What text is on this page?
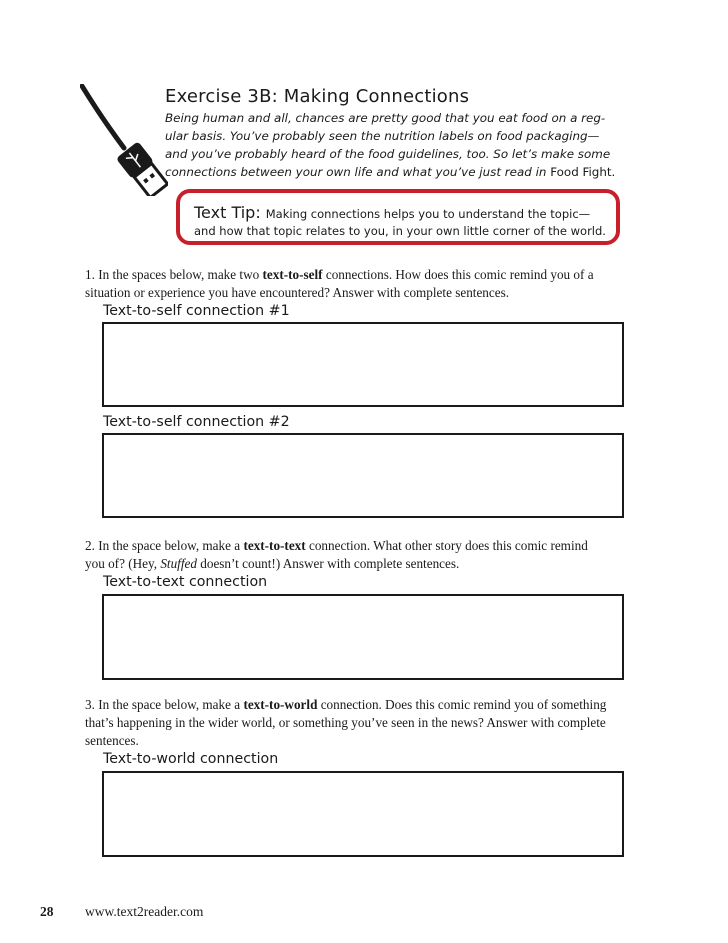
Exercise 3B: Making Connections

Being human and all, chances are pretty good that you eat food on a reg-

ular basis. You’ve probably seen the nutrition labels on food packaging—

and you’ve probably heard of the food guidelines, too. So let’s make some

connections between your own life and what you’ve just read in Food Fight.

Text Tip: Making connections helps you to understand the topic—
and how that topic relates to you, in your own little corner of the world.

1. In the spaces below, make two text-to-self connections. How does this comic remind you of a

situation or experience you have encountered? Answer with complete sentences.

Text-to-self connection #1
Text-to-self connection #2

2. In the space below, make a text-to-text connection. What other story does this comic remind

you of? (Hey, Stuffed doesn’t count!) Answer with complete sentences.

Text-to-text connection

3. In the space below, make a text-to-world connection. Does this comic remind you of something

that’s happening in the wider world, or something you’ve seen in the news? Answer with complete

sentences.

Text-to-world connection
28 www.text2reader.com
